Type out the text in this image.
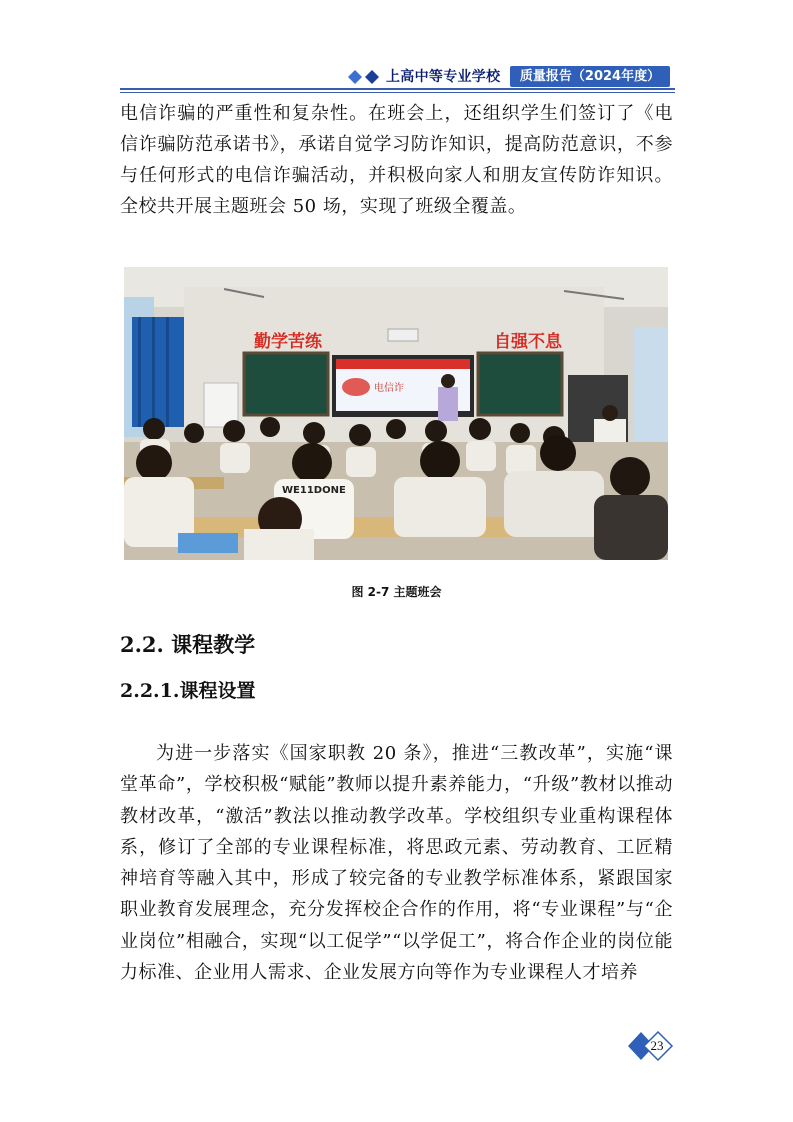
上高中等专业学校	质量报告（2024年度）
电信诈骗的严重性和复杂性。在班会上，还组织学生们签订了《电信诈骗防范承诺书》，承诺自觉学习防诈知识，提高防范意识，不参与任何形式的电信诈骗活动，并积极向家人和朋友宣传防诈知识。全校共开展主题班会 50 场，实现了班级全覆盖。
电信诈
勤学苦练	自强不息
WE11DONE
图 2-7 主题班会
2.2. 课程教学
2.2.1.课程设置
为进一步落实《国家职教 20 条》，推进“三教改革”，实施“课堂革命”，学校积极“赋能”教师以提升素养能力，“升级”教材以推动教材改革，“激活”教法以推动教学改革。学校组织专业重构课程体系，修订了全部的专业课程标准，将思政元素、劳动教育、工匠精神培育等融入其中，形成了较完备的专业教学标准体系，紧跟国家职业教育发展理念，充分发挥校企合作的作用，将“专业课程”与“企业岗位”相融合，实现“以工促学”“以学促工”，将合作企业的岗位能力标准、企业用人需求、企业发展方向等作为专业课程人才培养
23
